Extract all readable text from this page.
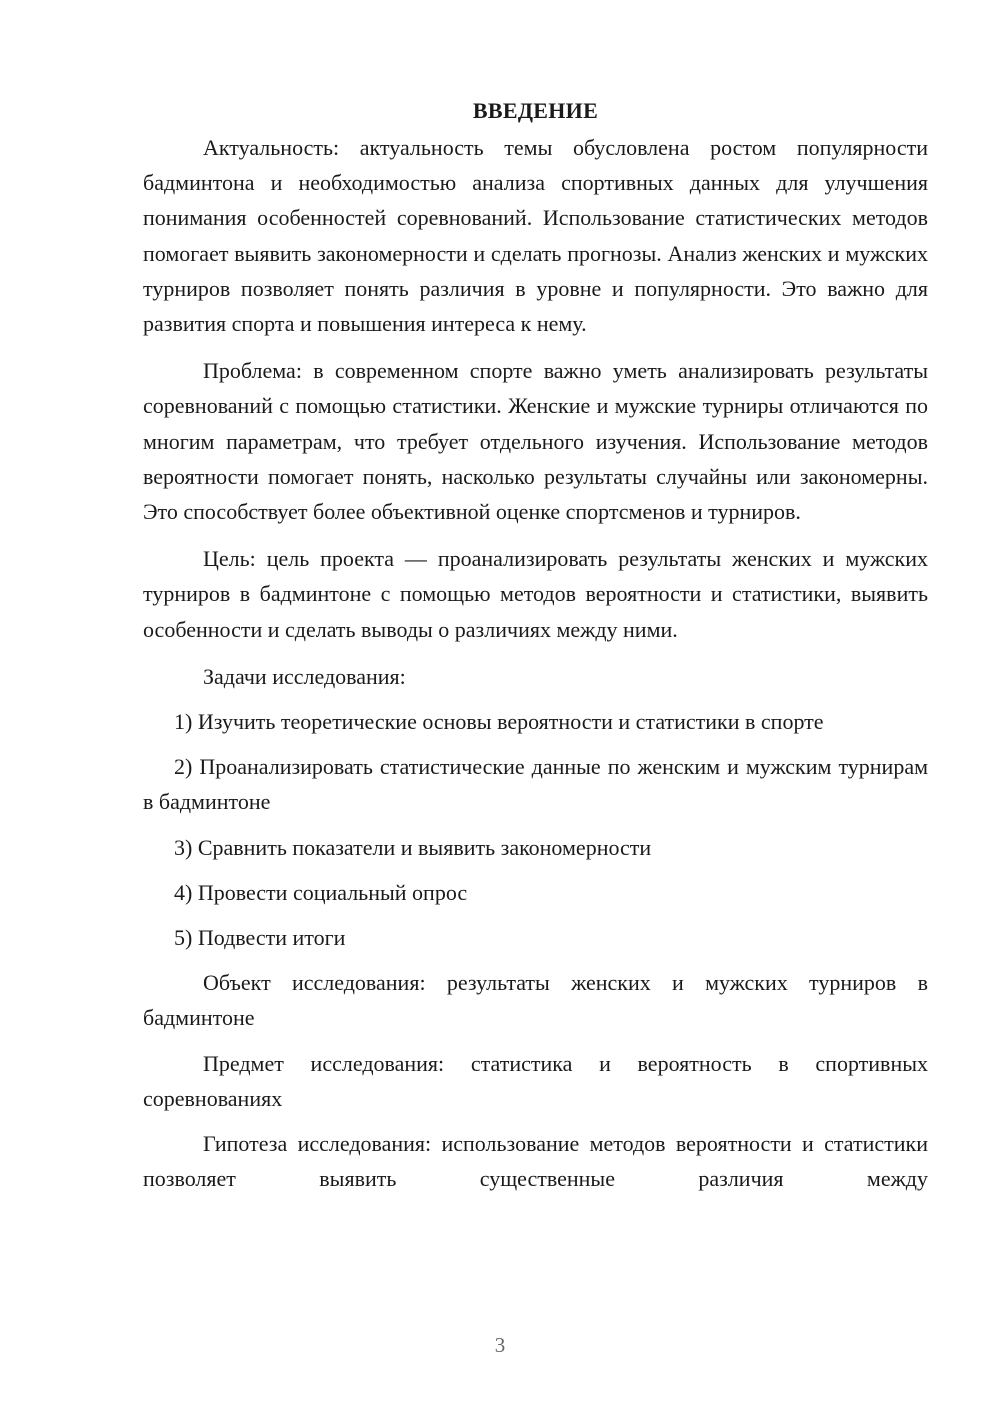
ВВЕДЕНИЕ

Актуальность: актуальность темы обусловлена ростом популярности бадминтона и необходимостью анализа спортивных данных для улучшения понимания особенностей соревнований. Использование статистических методов помогает выявить закономерности и сделать прогнозы. Анализ женских и мужских турниров позволяет понять различия в уровне и популярности. Это важно для развития спорта и повышения интереса к нему.

Проблема: в современном спорте важно уметь анализировать результаты соревнований с помощью статистики. Женские и мужские турниры отличаются по многим параметрам, что требует отдельного изучения. Использование методов вероятности помогает понять, насколько результаты случайны или закономерны. Это способствует более объективной оценке спортсменов и турниров.

Цель: цель проекта — проанализировать результаты женских и мужских турниров в бадминтоне с помощью методов вероятности и статистики, выявить особенности и сделать выводы о различиях между ними.

Задачи исследования:

1) Изучить теоретические основы вероятности и статистики в спорте

2) Проанализировать статистические данные по женским и мужским турнирам в бадминтоне

3) Сравнить показатели и выявить закономерности

4) Провести социальный опрос

5) Подвести итоги

Объект исследования: результаты женских и мужских турниров в бадминтоне

Предмет исследования: статистика и вероятность в спортивных соревнованиях

Гипотеза исследования: использование методов вероятности и статистики позволяет выявить существенные различия между

3
